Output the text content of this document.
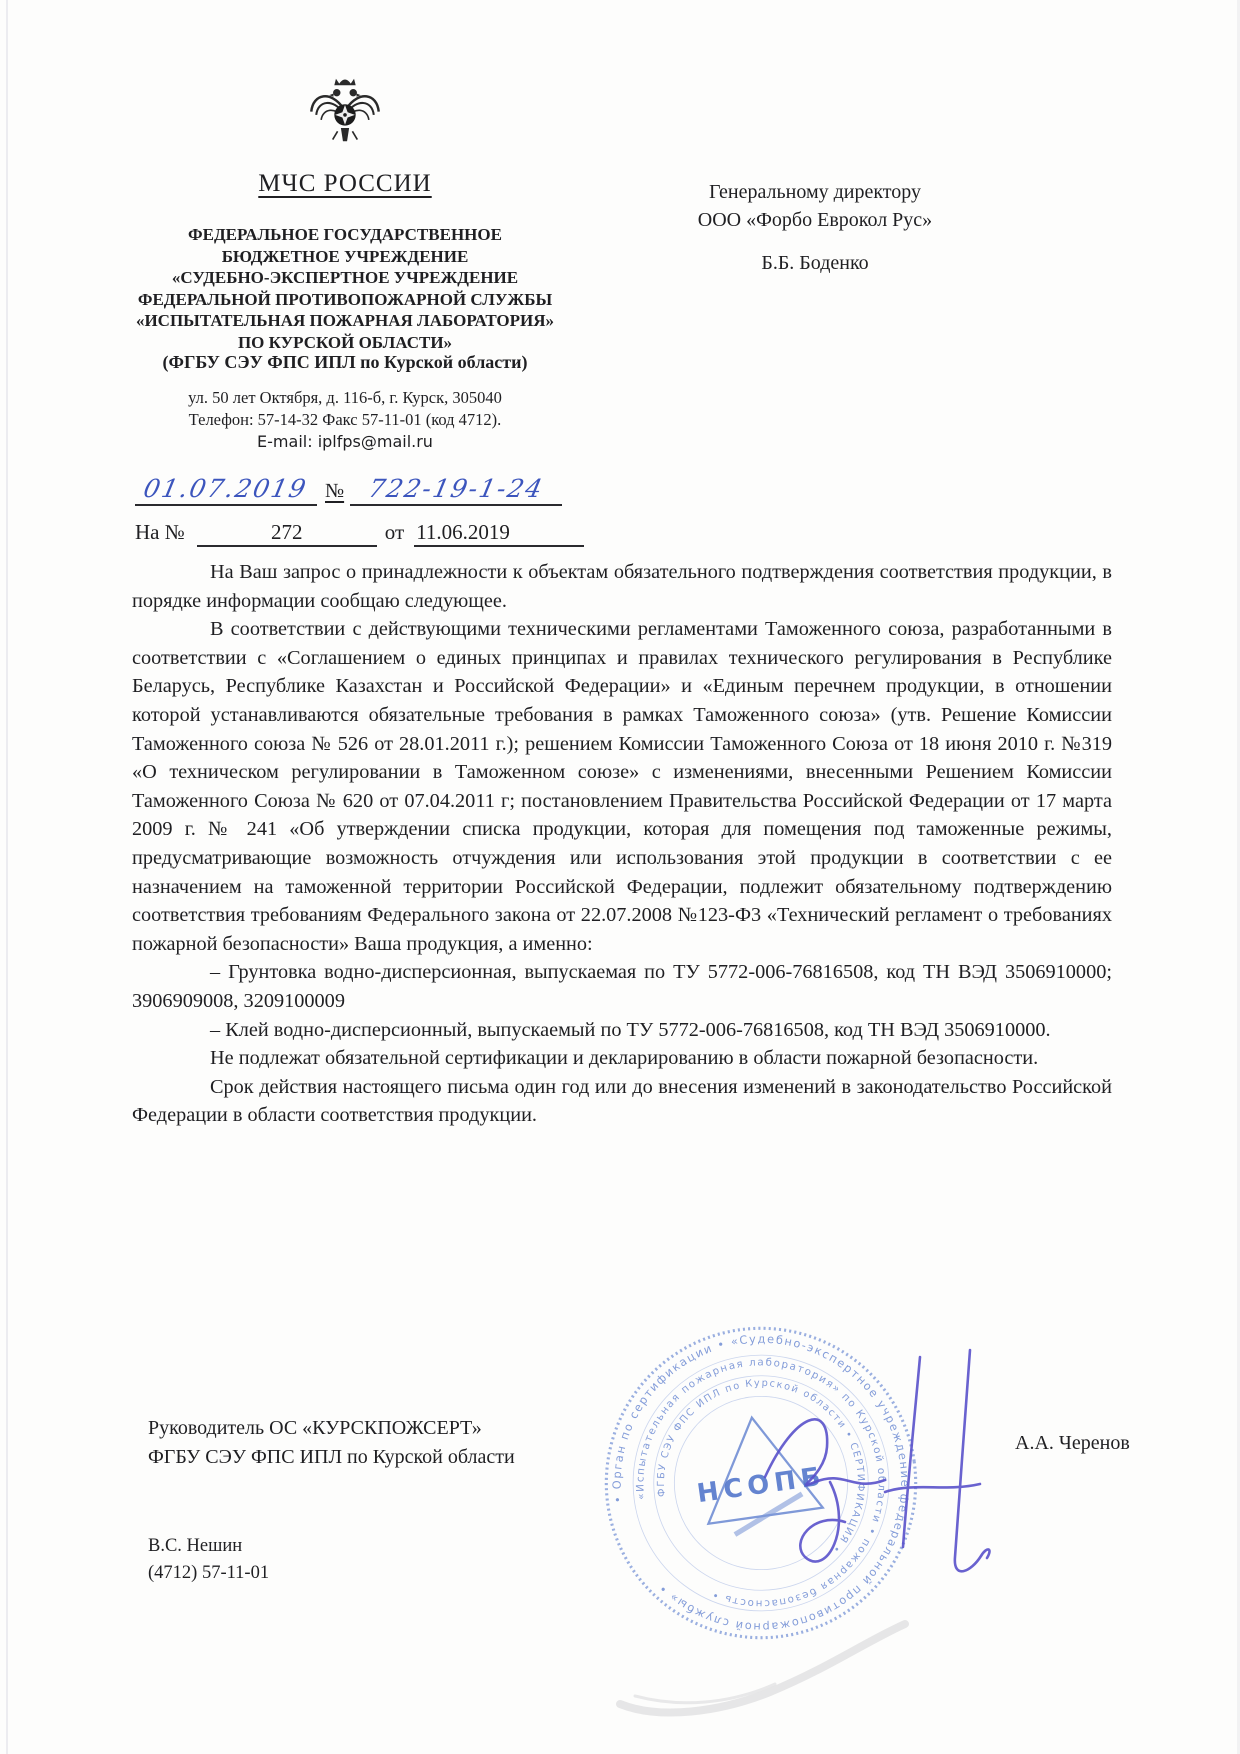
МЧС РОССИИ
ФЕДЕРАЛЬНОЕ ГОСУДАРСТВЕННОЕ
БЮДЖЕТНОЕ УЧРЕЖДЕНИЕ
«СУДЕБНО-ЭКСПЕРТНОЕ УЧРЕЖДЕНИЕ
ФЕДЕРАЛЬНОЙ ПРОТИВОПОЖАРНОЙ СЛУЖБЫ
«ИСПЫТАТЕЛЬНАЯ ПОЖАРНАЯ ЛАБОРАТОРИЯ»
ПО КУРСКОЙ ОБЛАСТИ»
(ФГБУ СЭУ ФПС ИПЛ по Курской области)
ул. 50 лет Октября, д. 116-б, г. Курск, 305040
Телефон: 57-14-32 Факс 57-11-01 (код 4712).
E-mail: iplfps@mail.ru
Генеральному директору
ООО «Форбо Еврокол Рус»
Б.Б. Боденко
01.07.2019 № 722-19-1-24
На №	272	от 11.06.2019

На Ваш запрос о принадлежности к объектам обязательного подтверждения соответствия продукции, в порядке информации сообщаю следующее.

В соответствии с действующими техническими регламентами Таможенного союза, разработанными в соответствии с «Соглашением о единых принципах и правилах технического регулирования в Республике Беларусь, Республике Казахстан и Российской Федерации» и «Единым перечнем продукции, в отношении которой устанавливаются обязательные требования в рамках Таможенного союза» (утв. Решение Комиссии Таможенного союза № 526 от 28.01.2011 г.); решением Комиссии Таможенного Союза от 18 июня 2010 г. №319 «О техническом регулировании в Таможенном союзе» с изменениями, внесенными Решением Комиссии Таможенного Союза № 620 от 07.04.2011 г; постановлением Правительства Российской Федерации от 17 марта 2009 г. № 241 «Об утверждении списка продукции, которая для помещения под таможенные режимы, предусматривающие возможность отчуждения или использования этой продукции в соответствии с ее назначением на таможенной территории Российской Федерации, подлежит обязательному подтверждению соответствия требованиям Федерального закона от 22.07.2008 №123-Ф3 «Технический регламент о требованиях пожарной безопасности» Ваша продукция, а именно:

– Грунтовка водно-дисперсионная, выпускаемая по ТУ 5772-006-76816508, код ТН ВЭД 3506910000; 3906909008, 3209100009

– Клей водно-дисперсионный, выпускаемый по ТУ 5772-006-76816508, код ТН ВЭД 3506910000.

Не подлежат обязательной сертификации и декларированию в области пожарной безопасности.

Срок действия настоящего письма один год или до внесения изменений в законодательство Российской Федерации в области соответствия продукции.

Руководитель ОС «КУРСКПОЖСЕРТ»
ФГБУ СЭУ ФПС ИПЛ по Курской области
А.А. Черенов
В.С. Нешин
(4712) 57-11-01
• Орган по сертификации • «Судебно-экспертное учреждение федеральной противопожарной службы» •
«Испытательная пожарная лаборатория» по Курской области • пожарная безопасность •
ФГБУ СЭУ ФПС ИПЛ по Курской области • СЕРТИФИКАЦИЯ •
НСОПБ
